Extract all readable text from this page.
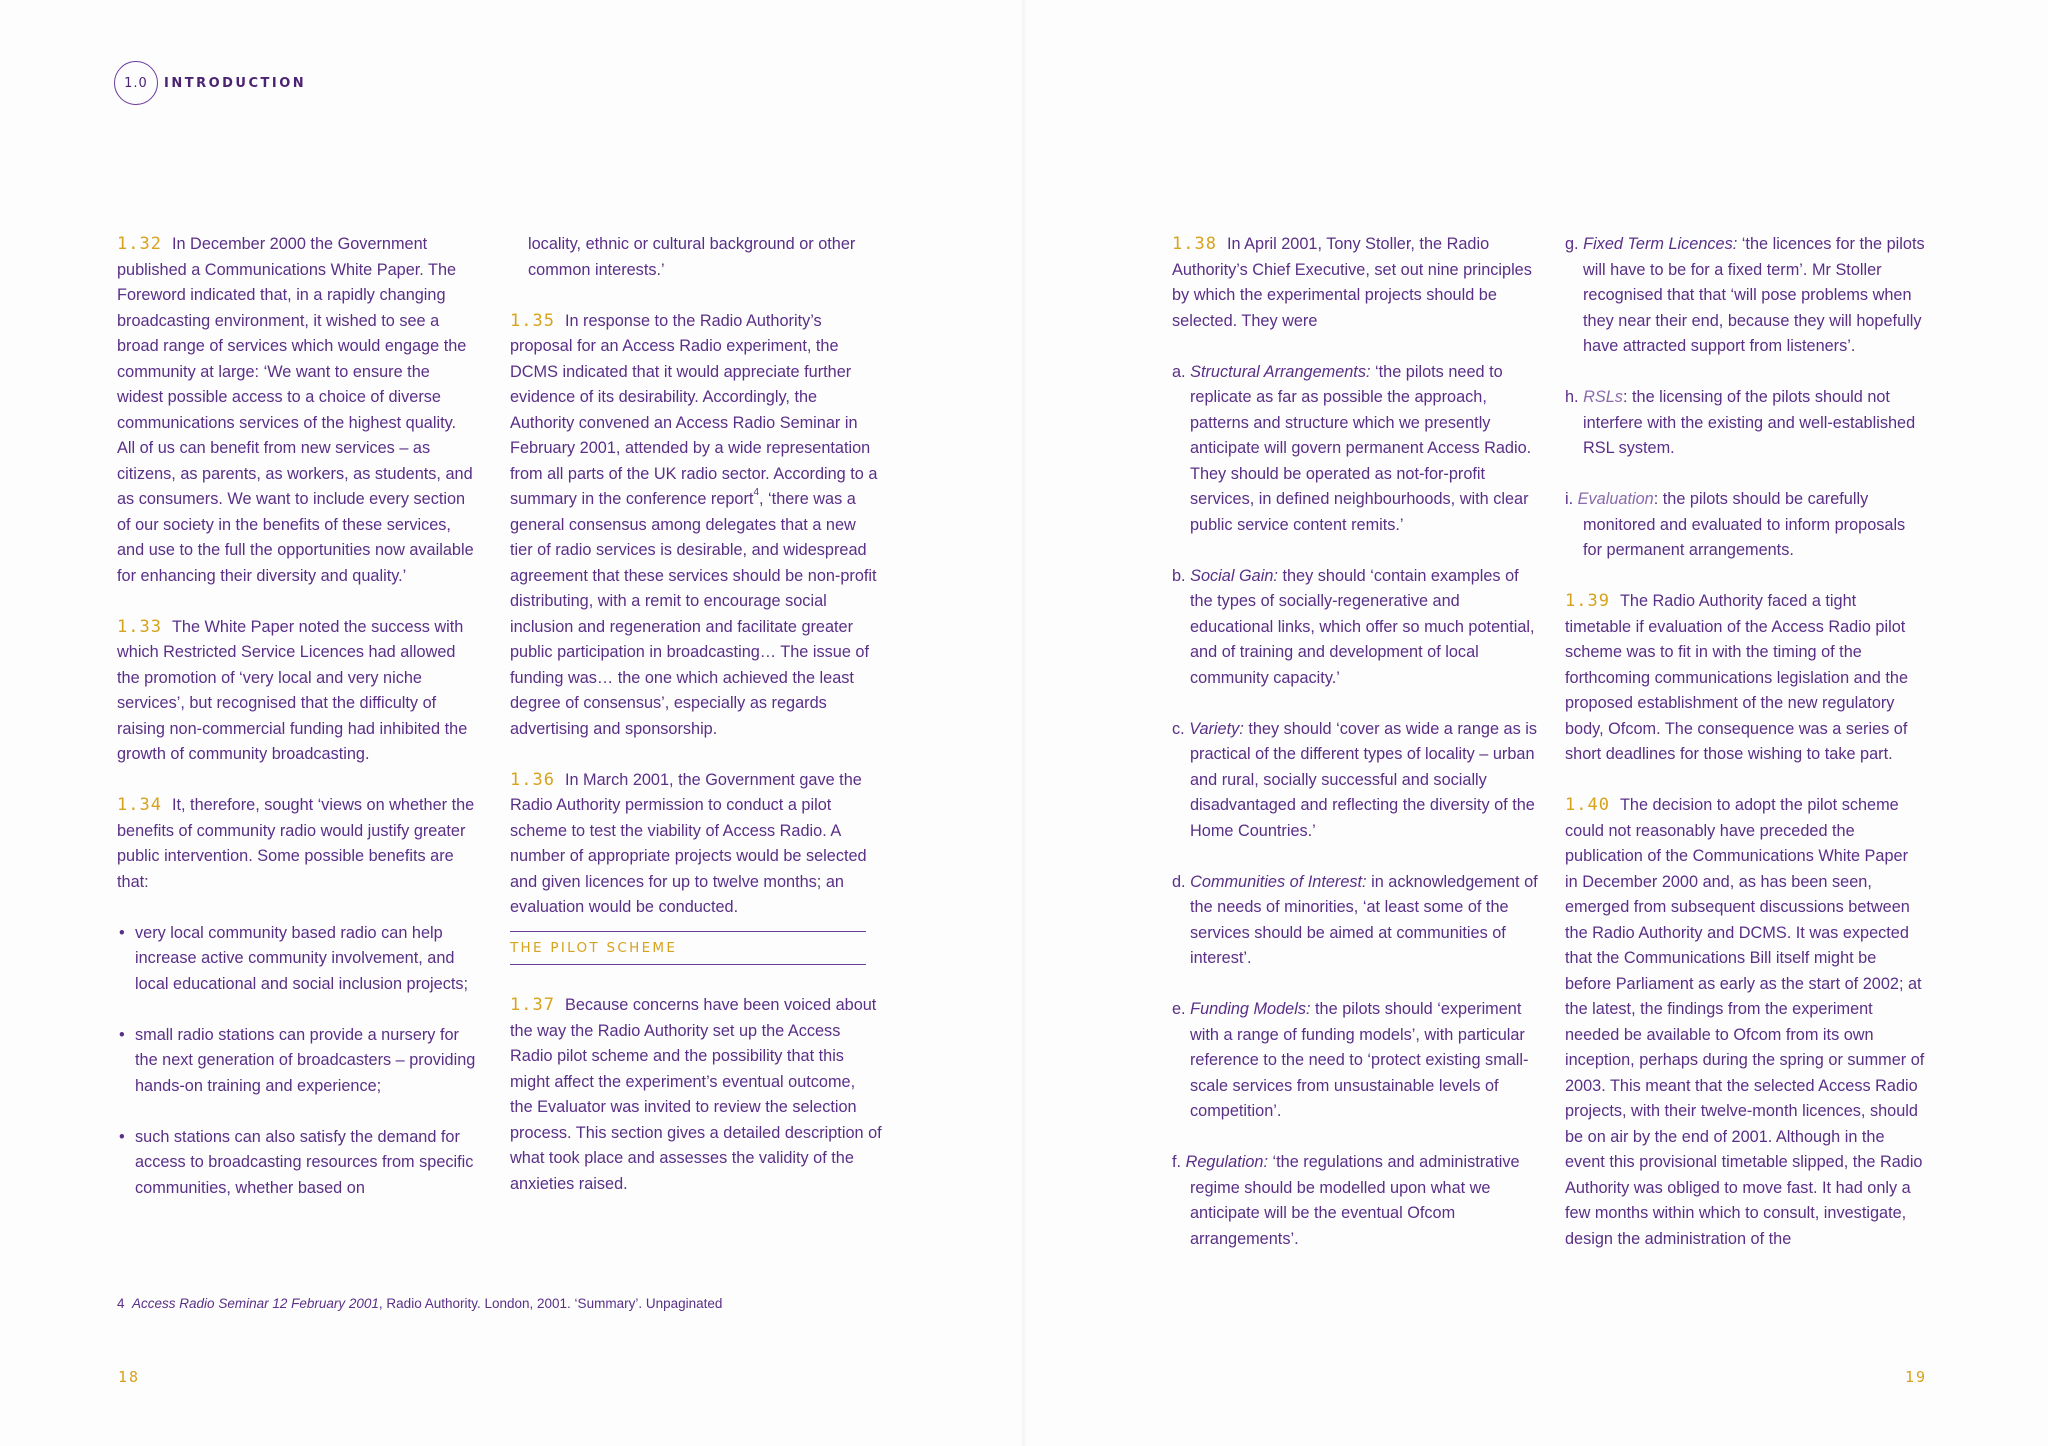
1.0 INTRODUCTION

1.32 In December 2000 the Government published a Communications White Paper. The Foreword indicated that, in a rapidly changing broadcasting environment, it wished to see a broad range of services which would engage the community at large: ‘We want to ensure the widest possible access to a choice of diverse communications services of the highest quality. All of us can benefit from new services – as citizens, as parents, as workers, as students, and as consumers. We want to include every section of our society in the benefits of these services, and use to the full the opportunities now available for enhancing their diversity and quality.’

1.33 The White Paper noted the success with which Restricted Service Licences had allowed the promotion of ‘very local and very niche services’, but recognised that the difficulty of raising non-commercial funding had inhibited the growth of community broadcasting.

1.34 It, therefore, sought ‘views on whether the benefits of community radio would justify greater public intervention. Some possible benefits are that:

• very local community based radio can help increase active community involvement, and local educational and social inclusion projects;

• small radio stations can provide a nursery for the next generation of broadcasters – providing hands-on training and experience;

• such stations can also satisfy the demand for access to broadcasting resources from specific communities, whether based on

locality, ethnic or cultural background or other common interests.’

1.35 In response to the Radio Authority’s proposal for an Access Radio experiment, the DCMS indicated that it would appreciate further evidence of its desirability. Accordingly, the Authority convened an Access Radio Seminar in February 2001, attended by a wide representation from all parts of the UK radio sector. According to a summary in the conference report$^4$, ‘there was a general consensus among delegates that a new tier of radio services is desirable, and widespread agreement that these services should be non-profit distributing, with a remit to encourage social inclusion and regeneration and facilitate greater public participation in broadcasting… The issue of funding was… the one which achieved the least degree of consensus’, especially as regards advertising and sponsorship.

1.36 In March 2001, the Government gave the Radio Authority permission to conduct a pilot scheme to test the viability of Access Radio. A number of appropriate projects would be selected and given licences for up to twelve months; an evaluation would be conducted.

THE PILOT SCHEME

1.37 Because concerns have been voiced about the way the Radio Authority set up the Access Radio pilot scheme and the possibility that this might affect the experiment’s eventual outcome, the Evaluator was invited to review the selection process. This section gives a detailed description of what took place and assesses the validity of the anxieties raised.

4 Access Radio Seminar 12 February 2001, Radio Authority. London, 2001. ‘Summary’. Unpaginated
18

1.38 In April 2001, Tony Stoller, the Radio Authority’s Chief Executive, set out nine principles by which the experimental projects should be selected. They were

a. Structural Arrangements: ‘the pilots need to replicate as far as possible the approach, patterns and structure which we presently anticipate will govern permanent Access Radio. They should be operated as not-for-profit services, in defined neighbourhoods, with clear public service content remits.’

b. Social Gain: they should ‘contain examples of the types of socially-regenerative and educational links, which offer so much potential, and of training and development of local community capacity.’

c. Variety: they should ‘cover as wide a range as is practical of the different types of locality – urban and rural, socially successful and socially disadvantaged and reflecting the diversity of the Home Countries.’

d. Communities of Interest: in acknowledgement of the needs of minorities, ‘at least some of the services should be aimed at communities of interest’.

e. Funding Models: the pilots should ‘experiment with a range of funding models’, with particular reference to the need to ‘protect existing small-scale services from unsustainable levels of competition’.

f. Regulation: ‘the regulations and administrative regime should be modelled upon what we anticipate will be the eventual Ofcom arrangements’.

g. Fixed Term Licences: ‘the licences for the pilots will have to be for a fixed term’. Mr Stoller recognised that that ‘will pose problems when they near their end, because they will hopefully have attracted support from listeners’.

h. RSLs: the licensing of the pilots should not interfere with the existing and well-established RSL system.

i. Evaluation: the pilots should be carefully monitored and evaluated to inform proposals for permanent arrangements.

1.39 The Radio Authority faced a tight timetable if evaluation of the Access Radio pilot scheme was to fit in with the timing of the forthcoming communications legislation and the proposed establishment of the new regulatory body, Ofcom. The consequence was a series of short deadlines for those wishing to take part.

1.40 The decision to adopt the pilot scheme could not reasonably have preceded the publication of the Communications White Paper in December 2000 and, as has been seen, emerged from subsequent discussions between the Radio Authority and DCMS. It was expected that the Communications Bill itself might be before Parliament as early as the start of 2002; at the latest, the findings from the experiment needed be available to Ofcom from its own inception, perhaps during the spring or summer of 2003. This meant that the selected Access Radio projects, with their twelve-month licences, should be on air by the end of 2001. Although in the event this provisional timetable slipped, the Radio Authority was obliged to move fast. It had only a few months within which to consult, investigate, design the administration of the

19
